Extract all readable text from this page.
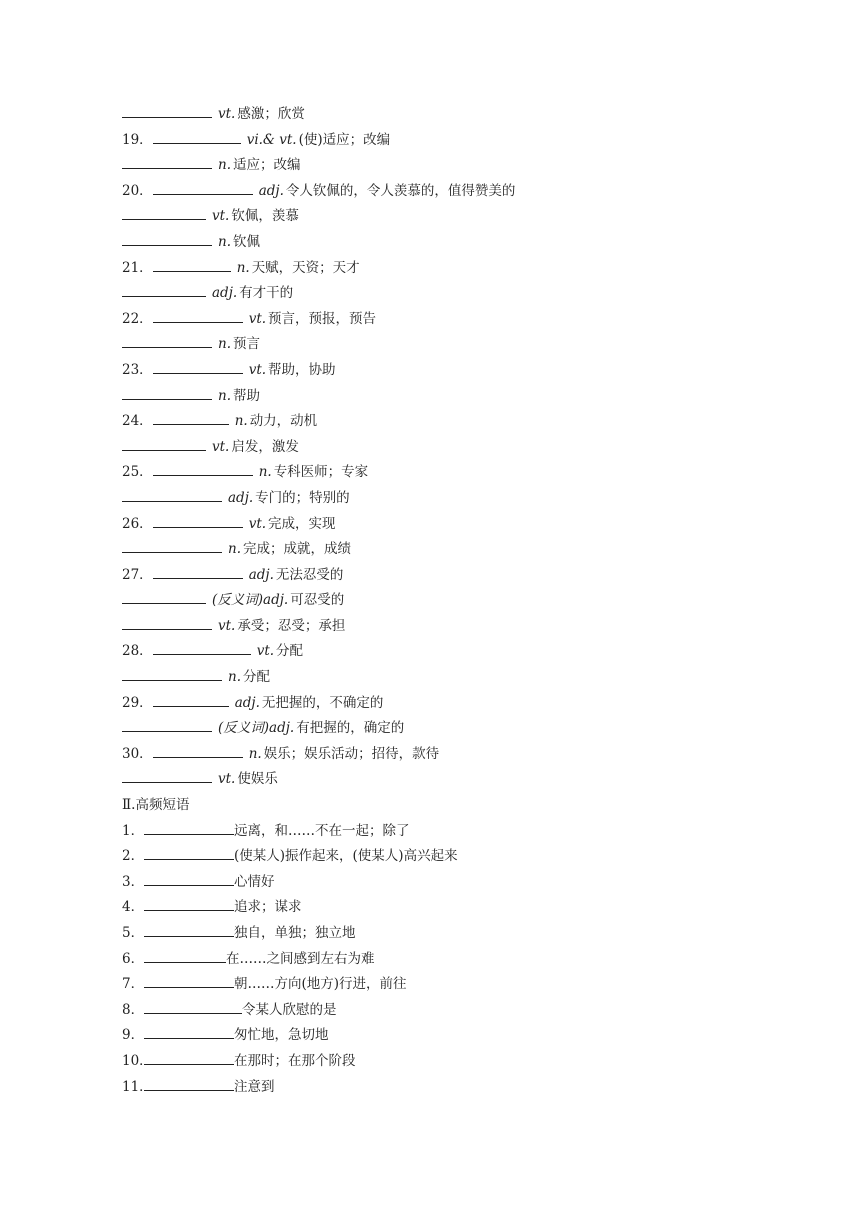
vt. 感激；欣赏
19．	vi.& vt. (使)适应；改编
n. 适应；改编
20．	adj. 令人钦佩的，令人羡慕的，值得赞美的
vt. 钦佩，羡慕
n. 钦佩
21．	n. 天赋，天资；天才
adj. 有才干的
22．	vt. 预言，预报，预告
n. 预言
23．	vt. 帮助，协助
n. 帮助
24．	n. 动力，动机
vt. 启发，激发
25．	n. 专科医师；专家
adj. 专门的；特别的
26．	vt. 完成，实现
n. 完成；成就，成绩
27．	adj. 无法忍受的
(反义词)adj. 可忍受的
vt. 承受；忍受；承担
28．	vt. 分配
n. 分配
29．	adj. 无把握的，不确定的
(反义词)adj. 有把握的，确定的
30．	n. 娱乐；娱乐活动；招待，款待
vt. 使娱乐
Ⅱ.高频短语
1．	远离，和……不在一起；除了
2．	(使某人)振作起来，(使某人)高兴起来
3．	心情好
4．	追求；谋求
5．	独自，单独；独立地
6．	在……之间感到左右为难
7．	朝……方向(地方)行进，前往
8．	令某人欣慰的是
9．	匆忙地，急切地
10．	在那时；在那个阶段
11．	注意到
